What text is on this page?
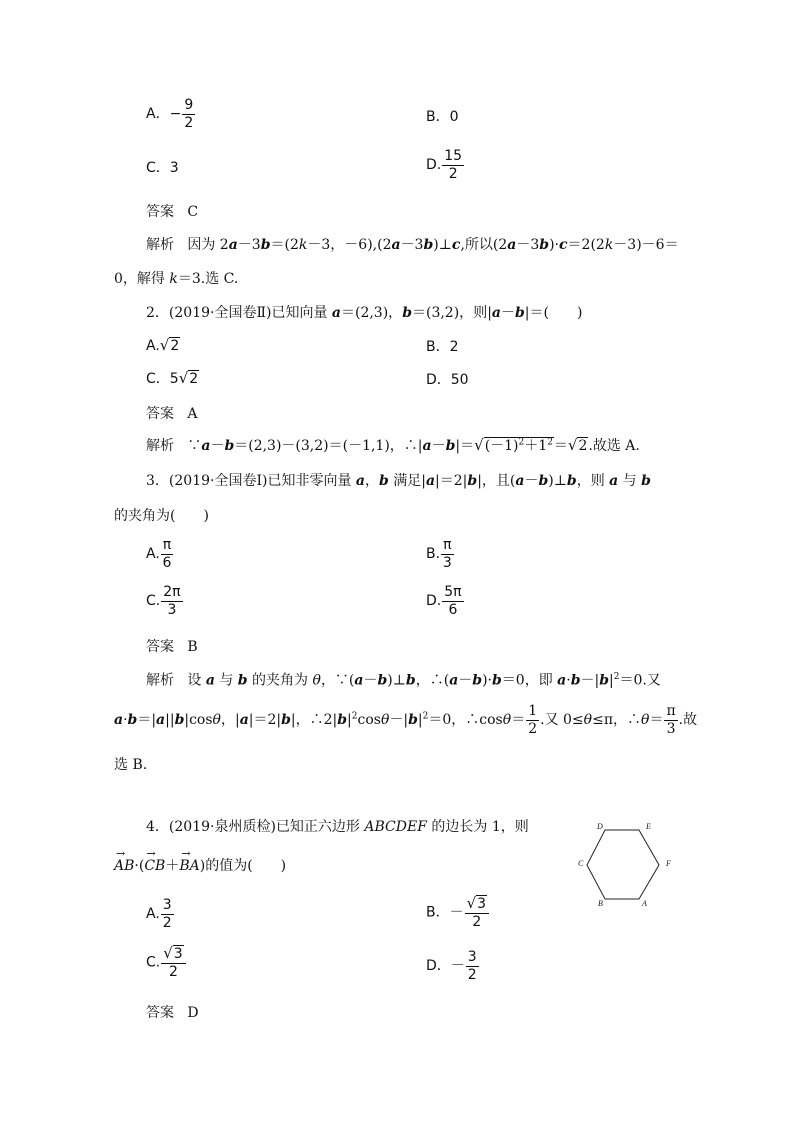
A．− $\frac{9}{2}$	B．0
C．3	D. $\frac{15}{2}$
答案 C
解析 因为 2a－3b＝(2k－3，－6),(2a－3b)⊥c,所以(2a－3b)·c＝2(2k－3)－6＝
0，解得 k＝3.选 C.
2．(2019·全国卷Ⅱ)已知向量 a＝(2,3)，b＝(3,2)，则|a－b|＝(　　)
A.√2	B．2
C．5√2	D．50
答案 A
解析   ∵a－b＝(2,3)－(3,2)＝(－1,1)，$\therefore|a-b|=√(-1)^2+1^2=√2$.故选 A.
3．(2019·全国卷Ⅰ)已知非零向量 a，b 满足|a|＝2|b|，且(a－b)⊥b，则 a 与 b
的夹角为(　　)
A. $\frac{\pi}{6}$	B. $\frac{\pi}{3}$
C. $\frac{2\pi}{3}$	D. $\frac{5\pi}{6}$
答案 B
解析 设 a 与 b 的夹角为 θ，∵(a－b)⊥b，∴(a－b)·b＝0，即 $a\cdot b-|b|^2=0$.又
a·b＝|a||b|cosθ，|a|＝2|b|，$\therefore 2|b|^2\cos\theta-|b|^2=0$，∴cosθ＝ $\frac{1}{2}$ .又 0≤θ≤π，∴θ＝ $\frac{\pi}{3}$ .故
选 B.
4．(2019·泉州质检)已知正六边形 ABCDEF 的边长为 1，则
→ AB·(→ CB＋→ BA)的值为(　　)
D	E
C	F
B	A
A. $\frac{3}{2}$	B．－ $\frac{√3}{2}$
C. $\frac{√3}{2}$	D．－ $\frac{3}{2}$
答案 D
